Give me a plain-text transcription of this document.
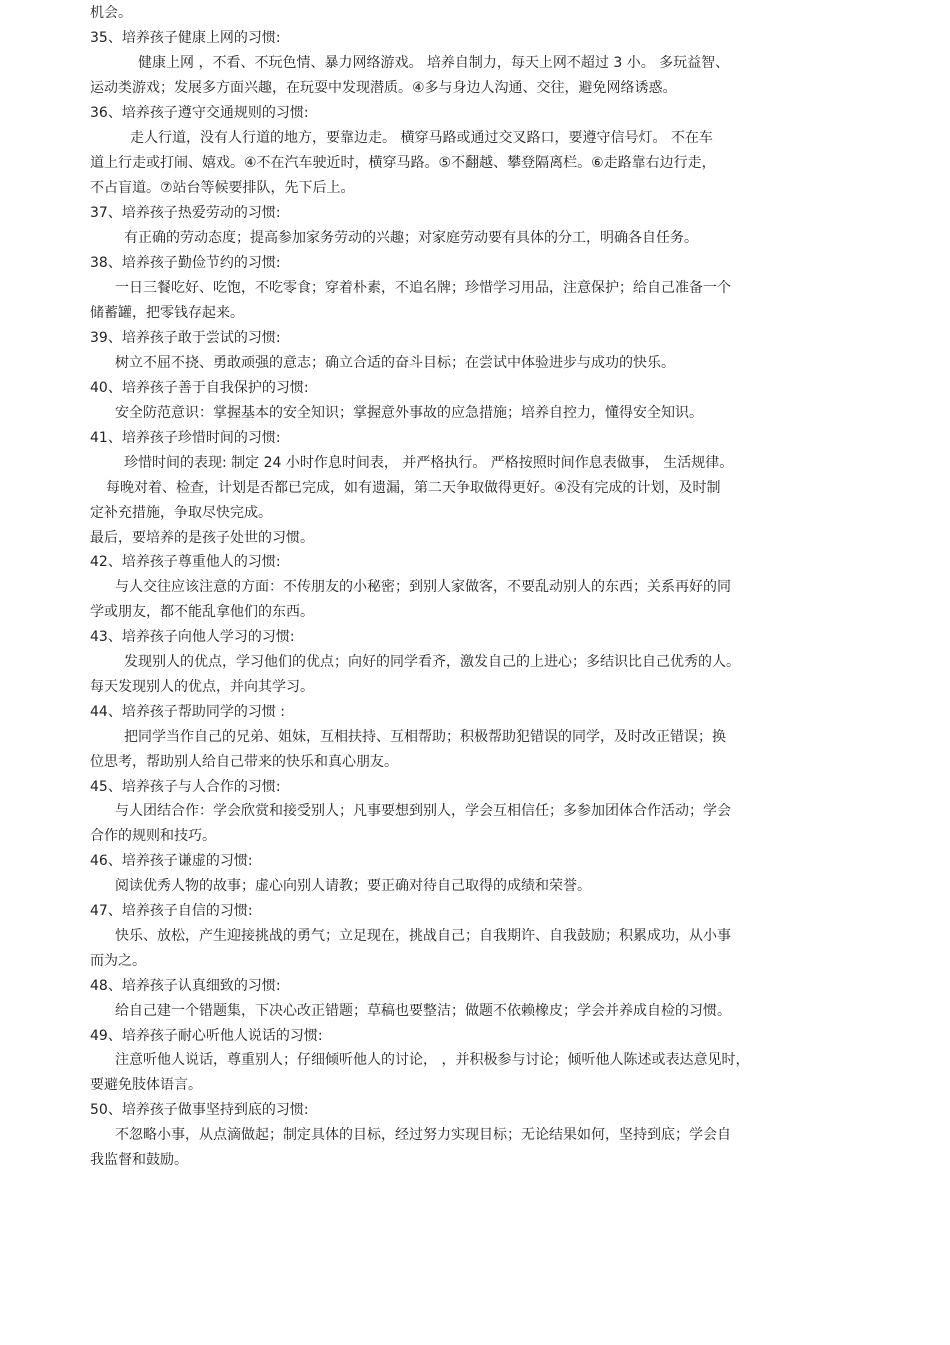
机会。
35、培养孩子健康上网的习惯:
健康上网 ，不看、不玩色情、暴力网络游戏。 培养自制力，每天上网不超过 3 小。 多玩益智、
运动类游戏；发展多方面兴趣，在玩耍中发现潜质。④多与身边人沟通、交往，避免网络诱惑。
36、培养孩子遵守交通规则的习惯:
走人行道，没有人行道的地方，要靠边走。 横穿马路或通过交叉路口，要遵守信号灯。 不在车
道上行走或打闹、嬉戏。④不在汽车驶近时，横穿马路。⑤不翻越、攀登隔离栏。⑥走路靠右边行走，
不占盲道。⑦站台等候要排队，先下后上。
37、培养孩子热爱劳动的习惯:
有正确的劳动态度；提高参加家务劳动的兴趣；对家庭劳动要有具体的分工，明确各自任务。
38、培养孩子勤俭节约的习惯:
一日三餐吃好、吃饱，不吃零食；穿着朴素，不追名牌；珍惜学习用品，注意保护；给自己准备一个
储蓄罐，把零钱存起来。
39、培养孩子敢于尝试的习惯:
树立不屈不挠、勇敢顽强的意志；确立合适的奋斗目标；在尝试中体验进步与成功的快乐。
40、培养孩子善于自我保护的习惯:
安全防范意识：掌握基本的安全知识；掌握意外事故的应急措施；培养自控力，懂得安全知识。
41、培养孩子珍惜时间的习惯:
珍惜时间的表现: 制定 24 小时作息时间表， 并严格执行。 严格按照时间作息表做事， 生活规律。
每晚对着、检查，计划是否都已完成，如有遗漏，第二天争取做得更好。④没有完成的计划，及时制
定补充措施，争取尽快完成。
最后，要培养的是孩子处世的习惯。
42、培养孩子尊重他人的习惯:
与人交往应该注意的方面：不传朋友的小秘密；到别人家做客，不要乱动别人的东西；关系再好的同
学或朋友，都不能乱拿他们的东西。
43、培养孩子向他人学习的习惯:
发现别人的优点，学习他们的优点；向好的同学看齐，激发自己的上进心；多结识比自己优秀的人。
每天发现别人的优点，并向其学习。
44、培养孩子帮助同学的习惯 :
把同学当作自己的兄弟、姐妹，互相扶持、互相帮助；积极帮助犯错误的同学，及时改正错误；换
位思考，帮助别人给自己带来的快乐和真心朋友。
45、培养孩子与人合作的习惯:
与人团结合作：学会欣赏和接受别人；凡事要想到别人，学会互相信任；多参加团体合作活动；学会
合作的规则和技巧。
46、培养孩子谦虚的习惯:
阅读优秀人物的故事；虚心向别人请教；要正确对待自己取得的成绩和荣誉。
47、培养孩子自信的习惯:
快乐、放松，产生迎接挑战的勇气；立足现在，挑战自己；自我期许、自我鼓励；积累成功，从小事
而为之。
48、培养孩子认真细致的习惯:
给自己建一个错题集，下决心改正错题；草稿也要整洁；做题不依赖橡皮；学会并养成自检的习惯。
49、培养孩子耐心听他人说话的习惯:
注意听他人说话，尊重别人；仔细倾听他人的讨论， ，并积极参与讨论；倾听他人陈述或表达意见时，
要避免肢体语言。
50、培养孩子做事坚持到底的习惯:
不忽略小事，从点滴做起；制定具体的目标，经过努力实现目标；无论结果如何，坚持到底；学会自
我监督和鼓励。
